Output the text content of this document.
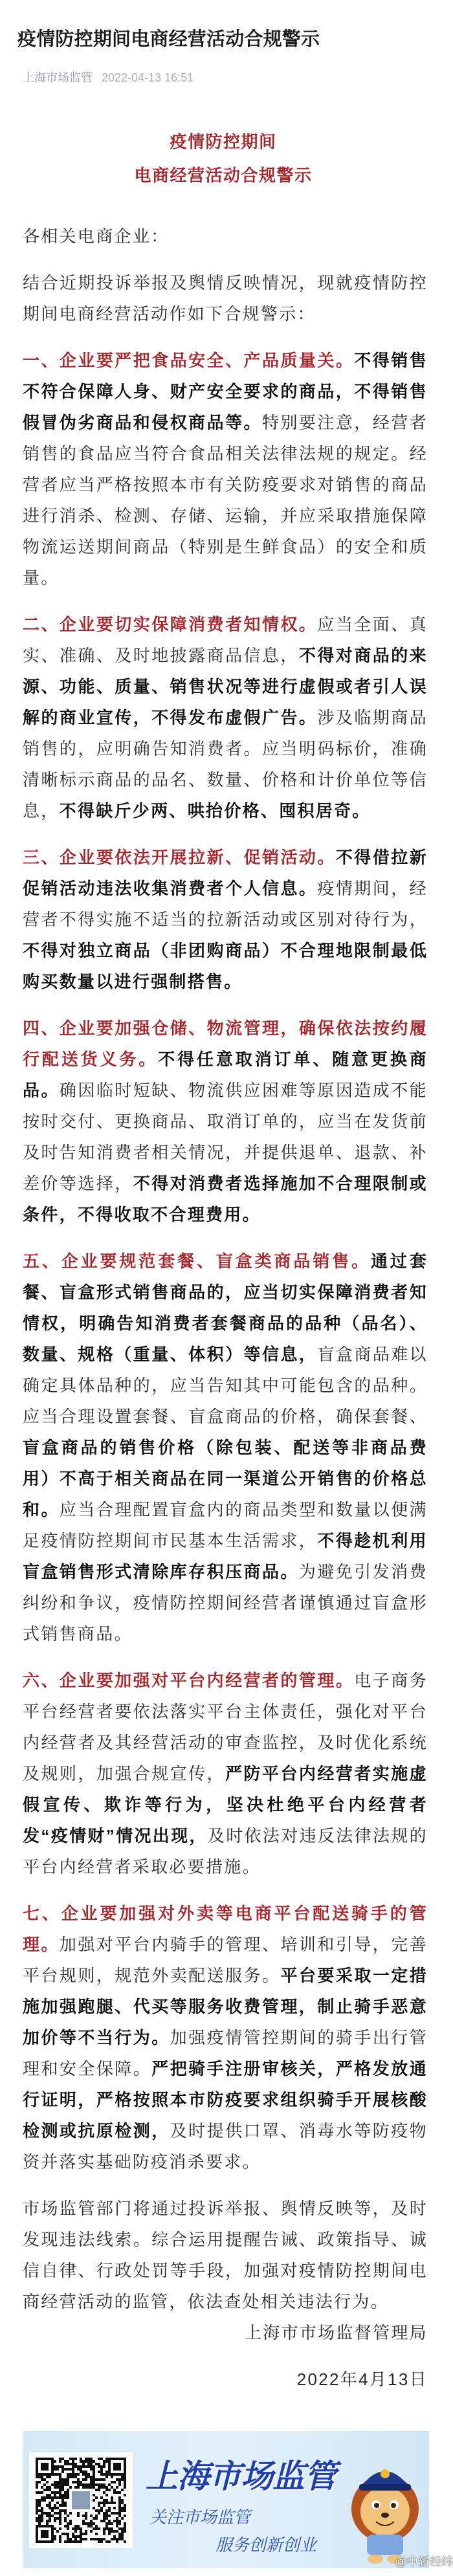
疫情防控期间电商经营活动合规警示
上海市场监管 2022-04-13 16:51
疫情防控期间
电商经营活动合规警示

各相关电商企业：

结合近期投诉举报及舆情反映情况，现就疫情防控期间电商经营活动作如下合规警示：

一、企业要严把食品安全、产品质量关。不得销售不符合保障人身、财产安全要求的商品，不得销售假冒伪劣商品和侵权商品等。特别要注意，经营者销售的食品应当符合食品相关法律法规的规定。经营者应当严格按照本市有关防疫要求对销售的商品进行消杀、检测、存储、运输，并应采取措施保障物流运送期间商品（特别是生鲜食品）的安全和质量。

二、企业要切实保障消费者知情权。应当全面、真实、准确、及时地披露商品信息，不得对商品的来源、功能、质量、销售状况等进行虚假或者引人误解的商业宣传，不得发布虚假广告。涉及临期商品销售的，应明确告知消费者。应当明码标价，准确清晰标示商品的品名、数量、价格和计价单位等信息，不得缺斤少两、哄抬价格、囤积居奇。

三、企业要依法开展拉新、促销活动。不得借拉新促销活动违法收集消费者个人信息。疫情期间，经营者不得实施不适当的拉新活动或区别对待行为，不得对独立商品（非团购商品）不合理地限制最低购买数量以进行强制搭售。

四、企业要加强仓储、物流管理，确保依法按约履行配送货义务。不得任意取消订单、随意更换商品。确因临时短缺、物流供应困难等原因造成不能按时交付、更换商品、取消订单的，应当在发货前及时告知消费者相关情况，并提供退单、退款、补差价等选择，不得对消费者选择施加不合理限制或条件，不得收取不合理费用。

五、企业要规范套餐、盲盒类商品销售。通过套餐、盲盒形式销售商品的，应当切实保障消费者知情权，明确告知消费者套餐商品的品种（品名）、数量、规格（重量、体积）等信息，盲盒商品难以确定具体品种的，应当告知其中可能包含的品种。应当合理设置套餐、盲盒商品的价格，确保套餐、盲盒商品的销售价格（除包装、配送等非商品费用）不高于相关商品在同一渠道公开销售的价格总和。应当合理配置盲盒内的商品类型和数量以便满足疫情防控期间市民基本生活需求，不得趁机利用盲盒销售形式清除库存积压商品。为避免引发消费纠纷和争议，疫情防控期间经营者谨慎通过盲盒形式销售商品。

六、企业要加强对平台内经营者的管理。电子商务平台经营者要依法落实平台主体责任，强化对平台内经营者及其经营活动的审查监控，及时优化系统及规则，加强合规宣传，严防平台内经营者实施虚假宣传、欺诈等行为，坚决杜绝平台内经营者发“疫情财”情况出现，及时依法对违反法律法规的平台内经营者采取必要措施。

七、企业要加强对外卖等电商平台配送骑手的管理。加强对平台内骑手的管理、培训和引导，完善平台规则，规范外卖配送服务。平台要采取一定措施加强跑腿、代买等服务收费管理，制止骑手恶意加价等不当行为。加强疫情管控期间的骑手出行管理和安全保障。严把骑手注册审核关，严格发放通行证明，严格按照本市防疫要求组织骑手开展核酸检测或抗原检测，及时提供口罩、消毒水等防疫物资并落实基础防疫消杀要求。

市场监管部门将通过投诉举报、舆情反映等，及时发现违法线索。综合运用提醒告诫、政策指导、诚信自律、行政处罚等手段，加强对疫情防控期间电商经营活动的监管，依法查处相关违法行为。

上海市市场监督管理局

2022年4月13日

上海市场监管
关注市场监管
服务创新创业
@中新经纬
